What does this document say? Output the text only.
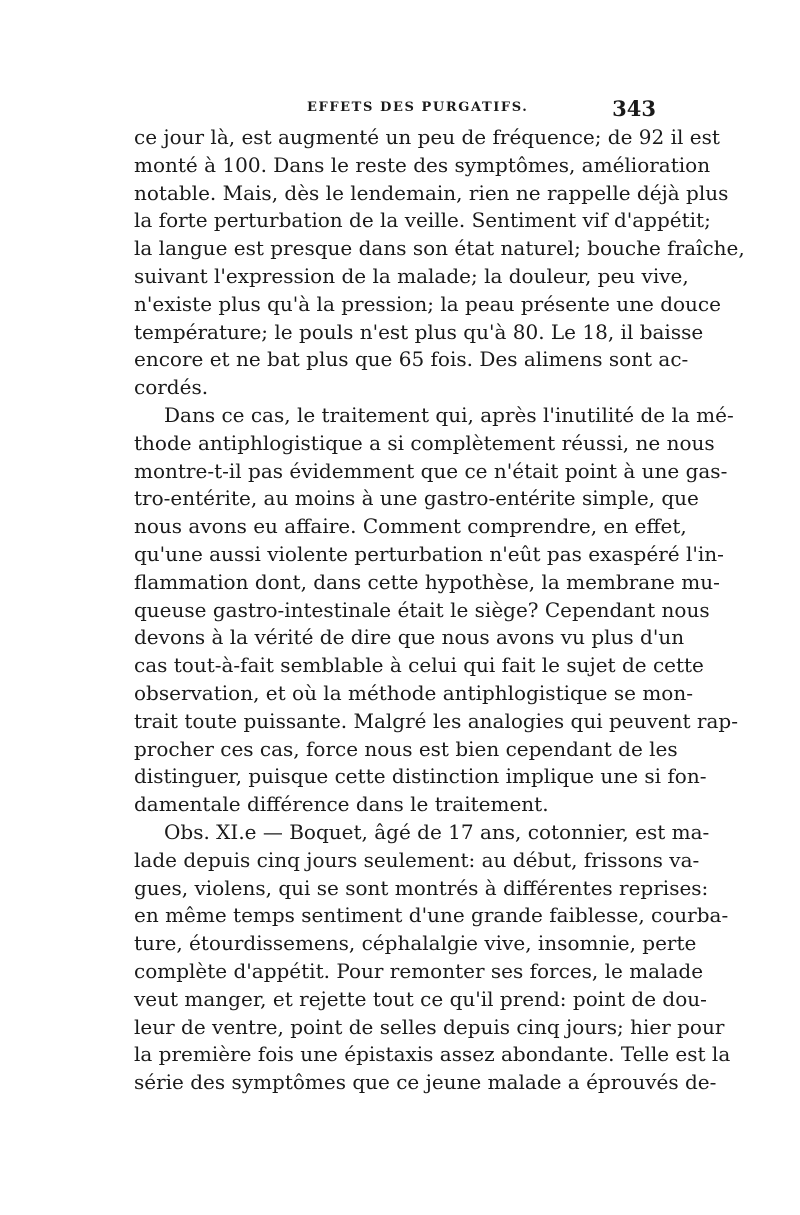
EFFETS DES PURGATIFS.	343
ce jour là, est augmenté un peu de fréquence; de 92 il est
monté à 100. Dans le reste des symptômes, amélioration
notable. Mais, dès le lendemain, rien ne rappelle déjà plus
la forte perturbation de la veille. Sentiment vif d'appétit;
la langue est presque dans son état naturel; bouche fraîche,
suivant l'expression de la malade; la douleur, peu vive,
n'existe plus qu'à la pression; la peau présente une douce
température; le pouls n'est plus qu'à 80. Le 18, il baisse
encore et ne bat plus que 65 fois. Des alimens sont ac-
cordés.
Dans ce cas, le traitement qui, après l'inutilité de la mé-
thode antiphlogistique a si complètement réussi, ne nous
montre-t-il pas évidemment que ce n'était point à une gas-
tro-entérite, au moins à une gastro-entérite simple, que
nous avons eu affaire. Comment comprendre, en effet,
qu'une aussi violente perturbation n'eût pas exaspéré l'in-
flammation dont, dans cette hypothèse, la membrane mu-
queuse gastro-intestinale était le siège? Cependant nous
devons à la vérité de dire que nous avons vu plus d'un
cas tout-à-fait semblable à celui qui fait le sujet de cette
observation, et où la méthode antiphlogistique se mon-
trait toute puissante. Malgré les analogies qui peuvent rap-
procher ces cas, force nous est bien cependant de les
distinguer, puisque cette distinction implique une si fon-
damentale différence dans le traitement.
Obs. XI.e — Boquet, âgé de 17 ans, cotonnier, est ma-
lade depuis cinq jours seulement: au début, frissons va-
gues, violens, qui se sont montrés à différentes reprises:
en même temps sentiment d'une grande faiblesse, courba-
ture, étourdissemens, céphalalgie vive, insomnie, perte
complète d'appétit. Pour remonter ses forces, le malade
veut manger, et rejette tout ce qu'il prend: point de dou-
leur de ventre, point de selles depuis cinq jours; hier pour
la première fois une épistaxis assez abondante. Telle est la
série des symptômes que ce jeune malade a éprouvés de-
